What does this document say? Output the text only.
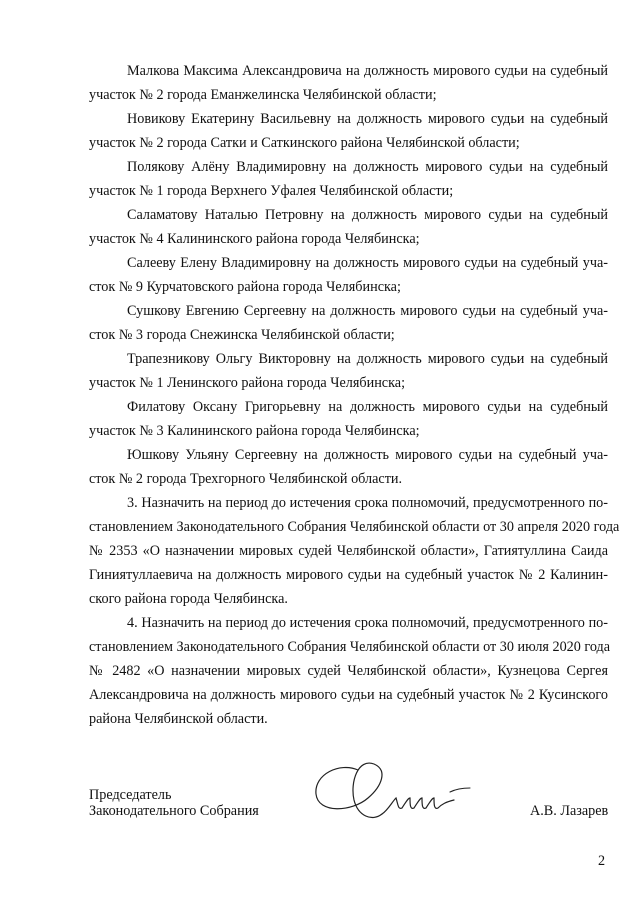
Малкова Максима Александровича на должность мирового судьи на судебный
участок № 2 города Еманжелинска Челябинской области;
Новикову Екатерину Васильевну на должность мирового судьи на судебный
участок № 2 города Сатки и Саткинского района Челябинской области;
Полякову Алёну Владимировну на должность мирового судьи на судебный
участок № 1 города Верхнего Уфалея Челябинской области;
Саламатову Наталью Петровну на должность мирового судьи на судебный
участок № 4 Калининского района города Челябинска;
Салееву Елену Владимировну на должность мирового судьи на судебный уча-
сток № 9 Курчатовского района города Челябинска;
Сушкову Евгению Сергеевну на должность мирового судьи на судебный уча-
сток № 3 города Снежинска Челябинской области;
Трапезникову Ольгу Викторовну на должность мирового судьи на судебный
участок № 1 Ленинского района города Челябинска;
Филатову Оксану Григорьевну на должность мирового судьи на судебный
участок № 3 Калининского района города Челябинска;
Юшкову Ульяну Сергеевну на должность мирового судьи на судебный уча-
сток № 2 города Трехгорного Челябинской области.
3. Назначить на период до истечения срока полномочий, предусмотренного по-
становлением Законодательного Собрания Челябинской области от 30 апреля 2020 года
№ 2353 «О назначении мировых судей Челябинской области», Гатиятуллина Саида
Гиниятуллаевича на должность мирового судьи на судебный участок № 2 Калинин-
ского района города Челябинска.
4. Назначить на период до истечения срока полномочий, предусмотренного по-
становлением Законодательного Собрания Челябинской области от 30 июля 2020 года
№ 2482 «О назначении мировых судей Челябинской области», Кузнецова Сергея
Александровича на должность мирового судьи на судебный участок № 2 Кусинского
района Челябинской области.
Председатель
Законодательного Собрания	А.В. Лазарев
2
